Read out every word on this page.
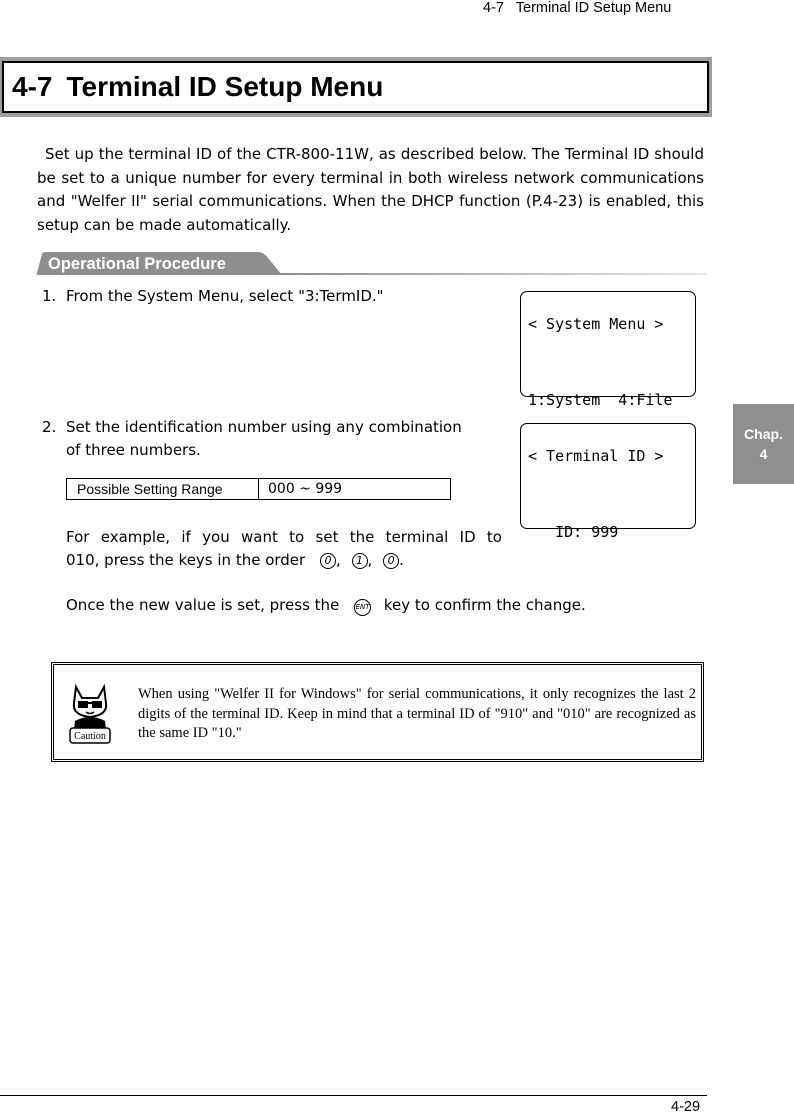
4-7   Terminal ID Setup Menu
4-7 Terminal ID Setup Menu
Set up the terminal ID of the CTR-800-11W, as described below. The Terminal ID should be set to a unique number for every terminal in both wireless network communications and "Welfer II" serial communications. When the DHCP function (P.4-23) is enabled, this setup can be made automatically.
Operational Procedure
1. From the System Menu, select "3:TermID."

< System Menu >

1:System  4:File

2. Set the identification number using any combination
of three numbers.	< Terminal ID >

ID: 999

Possible Setting Range	000 ~ 999
For example, if you want to set the terminal ID to
010, press the keys in the order 0 , 1 , 0 .
Once the new value is set, press the ENT key to confirm the change.
Caution
When using "Welfer II for Windows" for serial communications, it only recognizes the last 2 digits of the terminal ID. Keep in mind that a terminal ID of "910" and "010" are recognized as the same ID "10."
Chap.
4
4-29
